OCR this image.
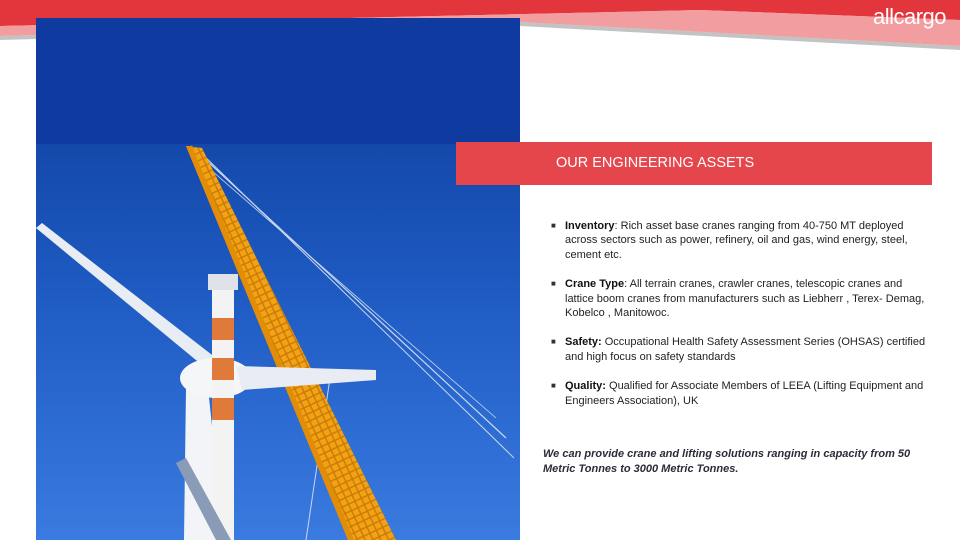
allcargo
OUR ENGINEERING ASSETS
■ Inventory: Rich asset base cranes ranging from 40-750 MT deployed across sectors such as power, refinery, oil and gas, wind energy, steel, cement etc.
■ Crane Type: All terrain cranes, crawler cranes, telescopic cranes and lattice boom cranes from manufacturers such as Liebherr , Terex- Demag, Kobelco , Manitowoc.
■ Safety: Occupational Health Safety Assessment Series (OHSAS) certified and high focus on safety standards
■ Quality: Qualified for Associate Members of LEEA (Lifting Equipment and Engineers Association), UK
We can provide crane and lifting solutions ranging in capacity from 50 Metric Tonnes to 3000 Metric Tonnes.
